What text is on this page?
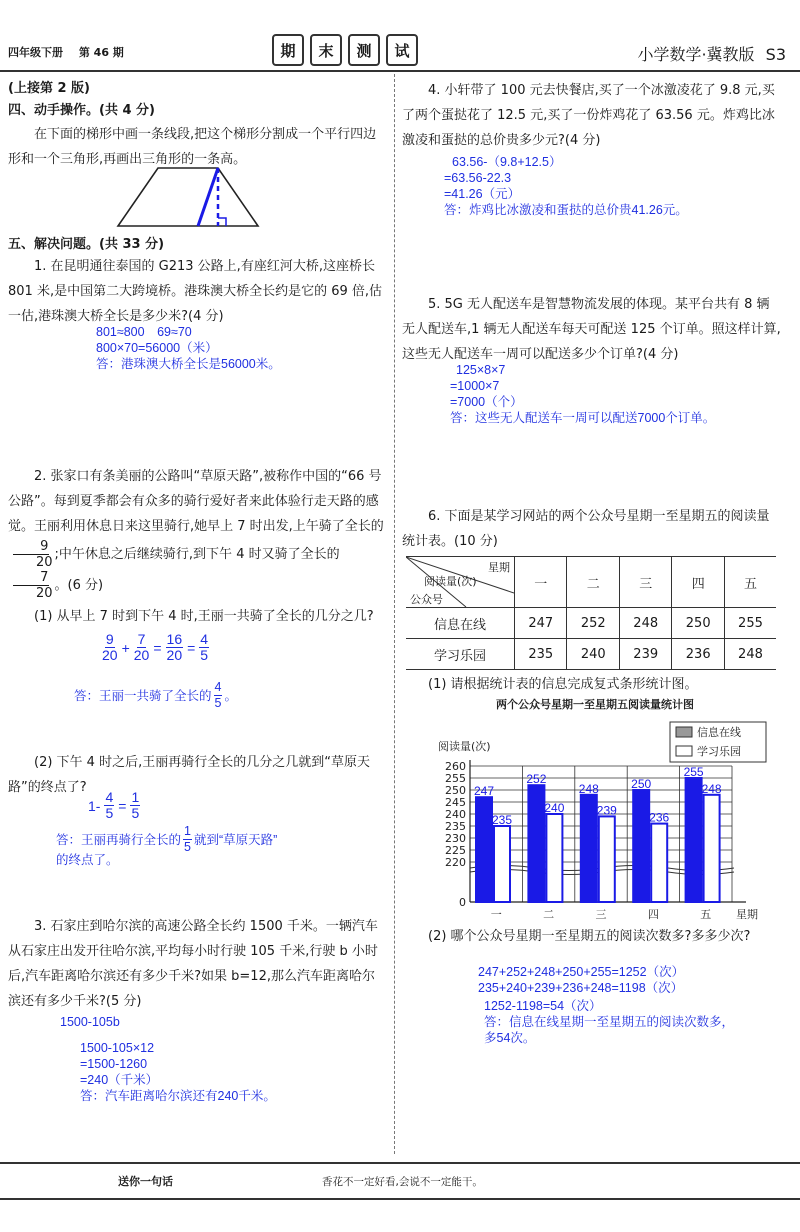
四年级下册 第 46 期	期	末	测	试	小学数学·冀教版 S3
(上接第 2 版)
四、动手操作。(共 4 分)
在下面的梯形中画一条线段,把这个梯形分割成一个平行四边形和一个三角形,再画出三角形的一条高。
五、解决问题。(共 33 分)
1. 在昆明通往泰国的 G213 公路上,有座红河大桥,这座桥长 801 米,是中国第二大跨境桥。港珠澳大桥全长约是它的 69 倍,估一估,港珠澳大桥全长是多少米?(4 分)
801≈800　69≈70
800×70=56000（米）
答：港珠澳大桥全长是56000米。
2. 张家口有条美丽的公路叫“草原天路”,被称作中国的“66 号公路”。每到夏季都会有众多的骑行爱好者来此体验行走天路的感觉。王丽利用休息日来这里骑行,她早上 7 时出发,上午骑了全长的
$\frac{9}{20}$ ;中午休息之后继续骑行,到下午 4 时又骑了全长的
$\frac{7}{20}$ 。(6 分)
(1) 从早上 7 时到下午 4 时,王丽一共骑了全长的几分之几?
$\frac{9}{20} + \frac{7}{20} = \frac{16}{20} = \frac{4}{5}$
答：王丽一共骑了全长的 $\frac{4}{5}$ 。
(2) 下午 4 时之后,王丽再骑行全长的几分之几就到“草原天路”的终点了?
$1- \frac{4}{5} = \frac{1}{5}$
答：王丽再骑行全长的 $\frac{1}{5}$ 就到“草原天路”
的终点了。
3. 石家庄到哈尔滨的高速公路全长约 1500 千米。一辆汽车从石家庄出发开往哈尔滨,平均每小时行驶 105 千米,行驶 b 小时后,汽车距离哈尔滨还有多少千米?如果 b=12,那么汽车距离哈尔滨还有多少千米?(5 分)
1500-105b
1500-105×12
=1500-1260
=240（千米）
答：汽车距离哈尔滨还有240千米。
4. 小轩带了 100 元去快餐店,买了一个冰激凌花了 9.8 元,买了两个蛋挞花了 12.5 元,买了一份炸鸡花了 63.56 元。炸鸡比冰激凌和蛋挞的总价贵多少元?(4 分)
63.56-（9.8+12.5）
=63.56-22.3
=41.26（元）
答：炸鸡比冰激凌和蛋挞的总价贵41.26元。
5. 5G 无人配送车是智慧物流发展的体现。某平台共有 8 辆无人配送车,1 辆无人配送车每天可配送 125 个订单。照这样计算,这些无人配送车一周可以配送多少个订单?(4 分)
125×8×7
=1000×7
=7000（个）
答：这些无人配送车一周可以配送7000个订单。
6. 下面是某学习网站的两个公众号星期一至星期五的阅读量统计表。(10 分)
星期
阅读量(次)
公众号	一	二	三	四	五
信息在线	247	252	248	250	255
学习乐园	235	240	239	236	248
(1) 请根据统计表的信息完成复式条形统计图。
两个公众号星期一至星期五阅读量统计图
信息在线
学习乐园
阅读量(次)
220
225
230
235
240
245
250
255
260
0
247
235
一
252
240
二
248
239
三
250
236
四
255
248
五 星期
(2) 哪个公众号星期一至星期五的阅读次数多?多多少次?
247+252+248+250+255=1252（次）
235+240+239+236+248=1198（次）
1252-1198=54（次）
答：信息在线星期一至星期五的阅读次数多，
多54次。
送你一句话	香花不一定好看,会说不一定能干。
